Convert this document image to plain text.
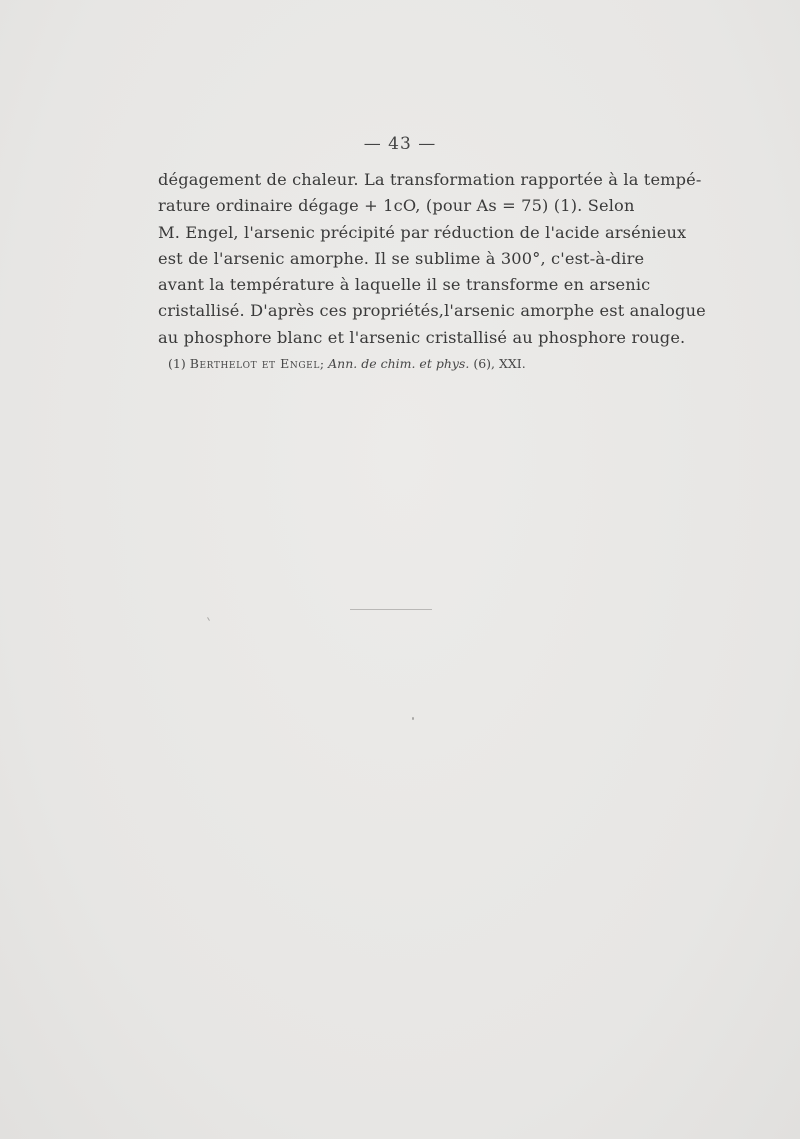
— 43 —
dégagement de chaleur. La transformation rapportée à la tempé-
rature ordinaire dégage + 1cO, (pour As = 75) (1). Selon
M. Engel, l'arsenic précipité par réduction de l'acide arsénieux
est de l'arsenic amorphe. Il se sublime à 300°, c'est-à-dire
avant la température à laquelle il se transforme en arsenic
cristallisé. D'après ces propriétés,l'arsenic amorphe est analogue
au phosphore blanc et l'arsenic cristallisé au phosphore rouge.
(1) Berthelot et Engel; Ann. de chim. et phys. (6), XXI.
